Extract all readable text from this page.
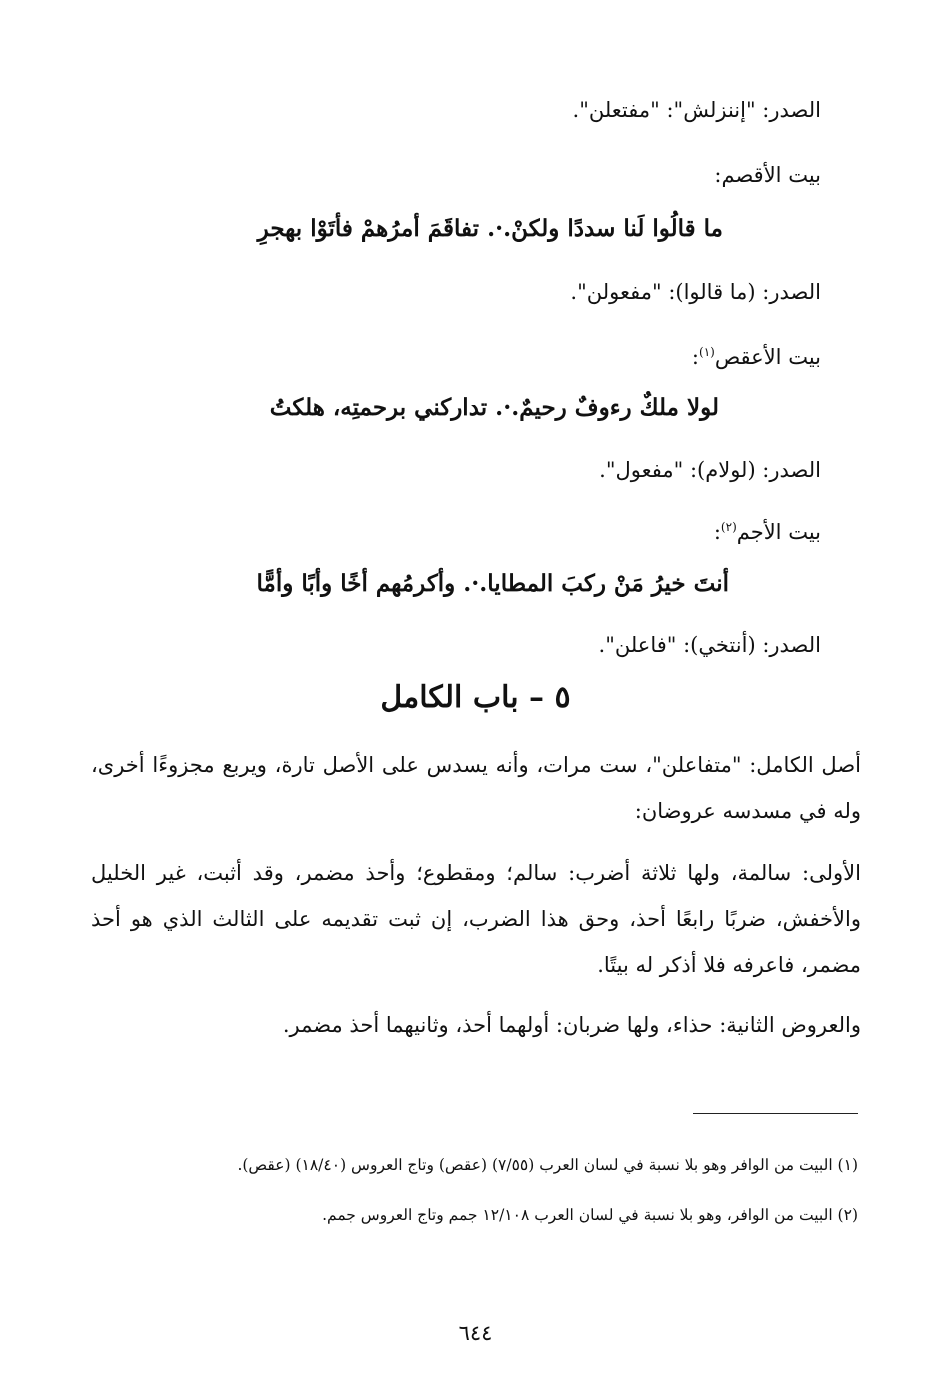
الصدر: "إننزلش": "مفتعلن".
بيت الأقصم:
ما قالُوا لَنا سددًا ولكنْ.·. تفاقَمَ أمرُهمْ فأتَوْا بهجرِ
الصدر: (ما قالوا): "مفعولن".
بيت الأعقص$^{(١)}$:
لولا ملكٌ رءوفٌ رحيمٌ.·. تداركني برحمتِه، هلكتُ
الصدر: (لولام): "مفعول".
بيت الأجم$^{(٢)}$:
أنتَ خيرُ مَنْ ركبَ المطايا.·. وأكرمُهم أخًا وأبًا وأمًّا
الصدر: (أنتخي): "فاعلن".
٥ – باب الكامل
أصل الكامل: "متفاعلن"، ست مرات، وأنه يسدس على الأصل تارة، ويربع مجزوءًا أخرى، وله في مسدسه عروضان:
الأولى: سالمة، ولها ثلاثة أضرب: سالم؛ ومقطوع؛ وأحذ مضمر، وقد أثبت، غير الخليل والأخفش، ضربًا رابعًا أحذ، وحق هذا الضرب، إن ثبت تقديمه على الثالث الذي هو أحذ مضمر، فاعرفه فلا أذكر له بيتًا.
والعروض الثانية: حذاء، ولها ضربان: أولهما أحذ، وثانيهما أحذ مضمر.
(١) البيت من الوافر وهو بلا نسبة في لسان العرب (٧/٥٥) (عقص) وتاج العروس (١٨/٤٠) (عقص).
(٢) البيت من الوافر، وهو بلا نسبة في لسان العرب ١٢/١٠٨ جمم وتاج العروس جمم.
٦٤٤
